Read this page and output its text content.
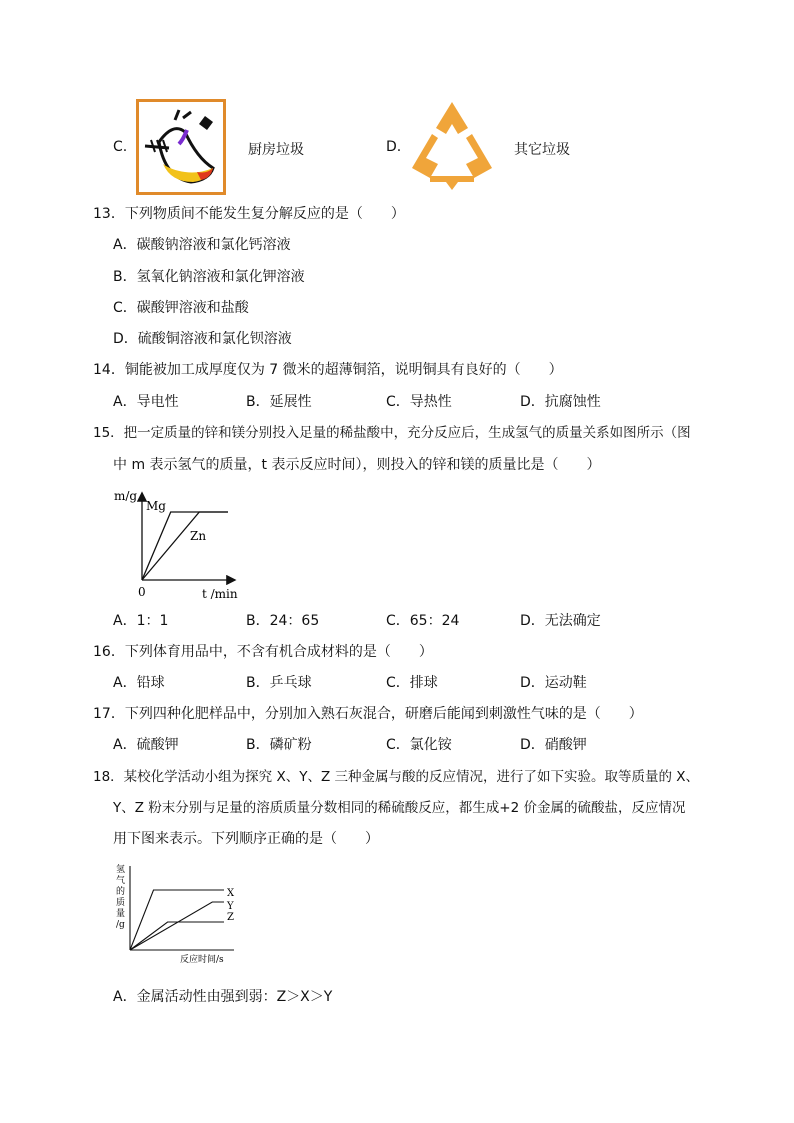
C.	厨房垃圾	D.	其它垃圾
13．下列物质间不能发生复分解反应的是（　　）
A．碳酸钠溶液和氯化钙溶液
B．氢氧化钠溶液和氯化钾溶液
C．碳酸钾溶液和盐酸
D．硫酸铜溶液和氯化钡溶液
14．铜能被加工成厚度仅为 7 微米的超薄铜箔，说明铜具有良好的（　　）
A．导电性	B．延展性	C．导热性	D．抗腐蚀性
15．把一定质量的锌和镁分别投入足量的稀盐酸中，充分反应后，生成氢气的质量关系如图所示（图
中 m 表示氢气的质量，t 表示反应时间），则投入的锌和镁的质量比是（　　）
m/g
Mg
Zn
0	t /min
A．1：1	B．24：65	C．65：24	D．无法确定
16．下列体育用品中，不含有机合成材料的是（　　）
A．铅球	B．乒乓球	C．排球	D．运动鞋
17．下列四种化肥样品中，分别加入熟石灰混合，研磨后能闻到刺激性气味的是（　　）
A．硫酸钾	B．磷矿粉	C．氯化铵	D．硝酸钾
18．某校化学活动小组为探究 X、Y、Z 三种金属与酸的反应情况，进行了如下实验。取等质量的 X、
Y、Z 粉末分别与足量的溶质质量分数相同的稀硫酸反应，都生成+2 价金属的硫酸盐，反应情况
用下图来表示。下列顺序正确的是（　　）
氢
气
的
质
量
/g
X
Y
Z
反应时间/s
A．金属活动性由强到弱：Z＞X＞Y
